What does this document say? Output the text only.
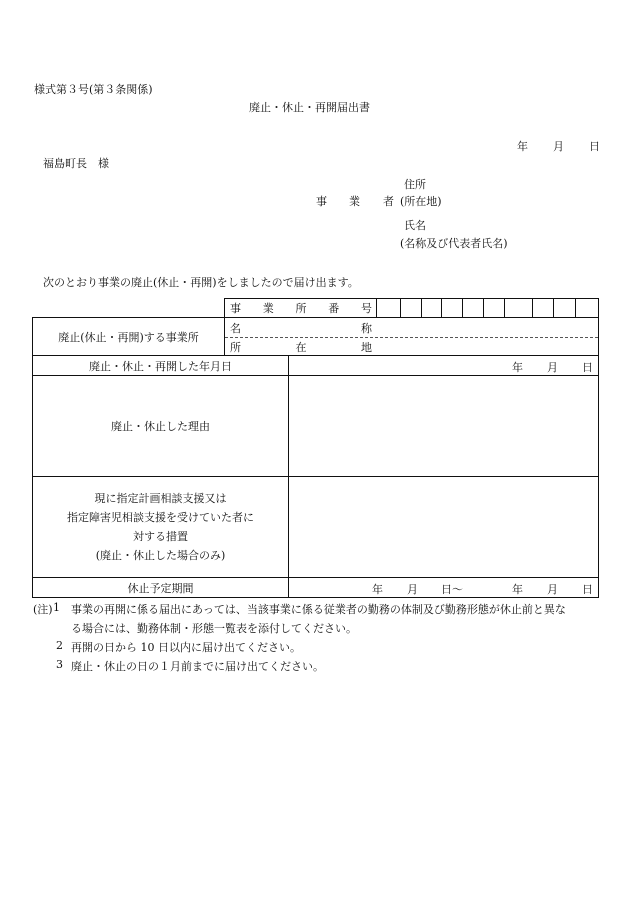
様式第３号(第３条関係)
廃止・休止・再開届出書
年 月 日
福島町長　様
住所
事 業 者 (所在地)
氏名
(名称及び代表者氏名)
次のとおり事業の廃止(休止・再開)をしましたので届け出ます。
事 業 所 番 号
廃止(休止・再開)する事業所
名	称
所	在	地
廃止・休止・再開した年月日	年 月 日
廃止・休止した理由
現に指定計画相談支援又は
指定障害児相談支援を受けていた者に
対する措置
(廃止・休止した場合のみ)
休止予定期間	年 月 日〜	年 月 日
(注) 1 事業の再開に係る届出にあっては、当該事業に係る従業者の勤務の体制及び勤務形態が休止前と異な
る場合には、勤務体制・形態一覧表を添付してください。
2 再開の日から 10 日以内に届け出てください。
3 廃止・休止の日の１月前までに届け出てください。
